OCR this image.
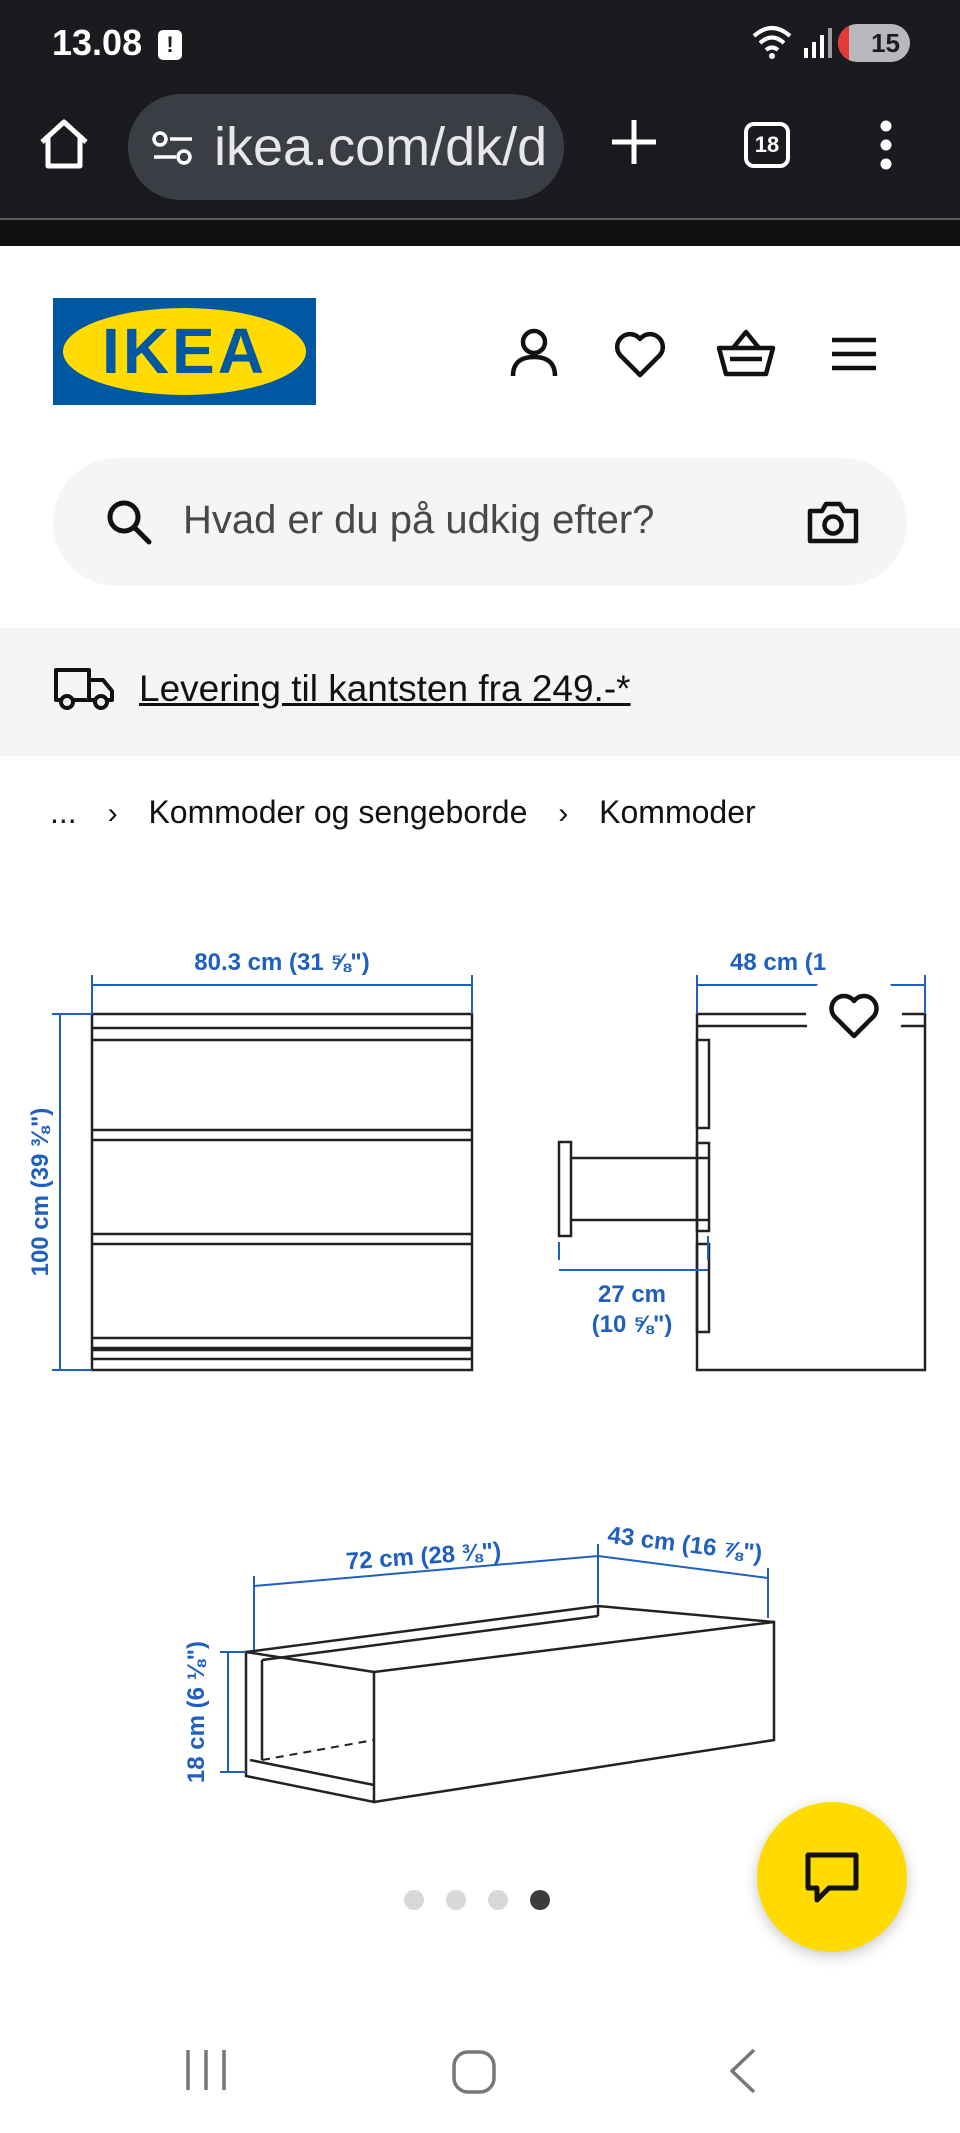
13.08	!	15
ikea.com/dk/d	18
IKEA
Hvad er du på udkig efter?
Levering til kantsten fra 249.-*
... › Kommoder og sengeborde › Kommoder
80.3 cm (31 ⅝")
100 cm (39 ⅜")
48 cm (1
27 cm
(10 ⅝")
72 cm (28 ⅜")	43 cm (16 ⅞")
18 cm (6 ⅛")
